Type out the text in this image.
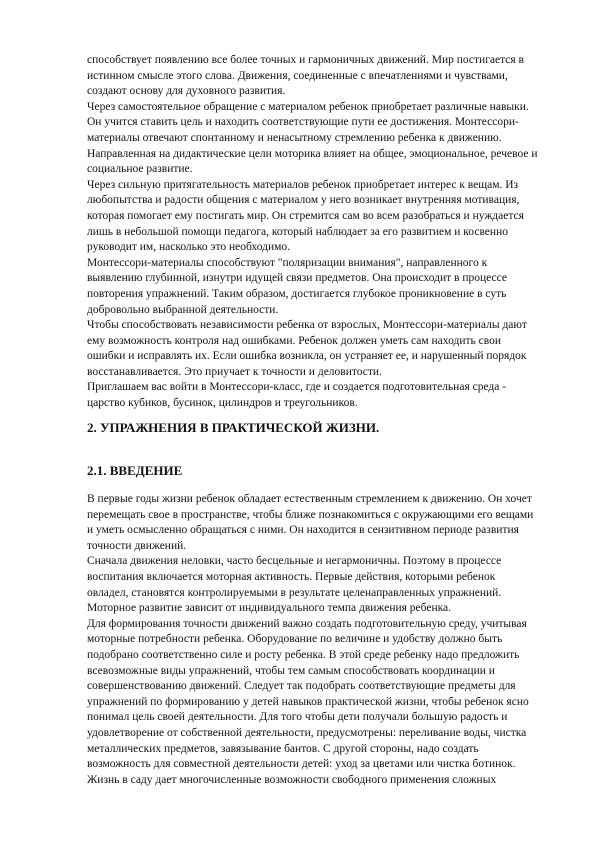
способствует появлению все более точных и гармоничных движений. Мир постигается в
истинном смысле этого слова. Движения, соединенные с впечатлениями и чувствами,
создают основу для духовного развития.
Через самостоятельное обращение с материалом ребенок приобретает различные навыки.
Он учится ставить цель и находить соответствующие пути ее достижения. Монтессори-
материалы отвечают спонтанному и ненасытному стремлению ребенка к движению.
Направленная на дидактические цели моторика влияет на общее, эмоциональное, речевое и
социальное развитие.
Через сильную притягательность материалов ребенок приобретает интерес к вещам. Из
любопытства и радости общения с материалом у него возникает внутренняя мотивация,
которая помогает ему постигать мир. Он стремится сам во всем разобраться и нуждается
лишь в небольшой помощи педагога, который наблюдает за его развитием и косвенно
руководит им, насколько это необходимо.
Монтессори-материалы способствуют "поляризации внимания", направленного к
выявлению глубинной, изнутри идущей связи предметов. Она происходит в процессе
повторения упражнений. Таким образом, достигается глубокое проникновение в суть
добровольно выбранной деятельности.
Чтобы способствовать независимости ребенка от взрослых, Монтессори-материалы дают
ему возможность контроля над ошибками. Ребенок должен уметь сам находить свои
ошибки и исправлять их. Если ошибка возникла, он устраняет ее, и нарушенный порядок
восстанавливается. Это приучает к точности и деловитости.
Приглашаем вас войти в Монтессори-класс, где и создается подготовительная среда -
царство кубиков, бусинок, цилиндров и треугольников.
2. УПРАЖНЕНИЯ В ПРАКТИЧЕСКОЙ ЖИЗНИ.
2.1. ВВЕДЕНИЕ
В первые годы жизни ребенок обладает естественным стремлением к движению. Он хочет
перемещать свое в пространстве, чтобы ближе познакомиться с окружающими его вещами
и уметь осмысленно обращаться с ними. Он находится в сензитивном периоде развития
точности движений.
Сначала движения неловки, часто бесцельные и негармоничны. Поэтому в процессе
воспитания включается моторная активность. Первые действия, которыми ребенок
овладел, становятся контролируемыми в результате целенаправленных упражнений.
Моторное развитие зависит от индивидуального темпа движения ребенка.
Для формирования точности движений важно создать подготовительную среду, учитывая
моторные потребности ребенка. Оборудование по величине и удобству должно быть
подобрано соответственно силе и росту ребенка. В этой среде ребенку надо предложить
всевозможные виды упражнений, чтобы тем самым способствовать координации и
совершенствованию движений. Следует так подобрать соответствующие предметы для
упражнений по формированию у детей навыков практической жизни, чтобы ребенок ясно
понимал цель своей деятельности. Для того чтобы дети получали большую радость и
удовлетворение от собственной деятельности, предусмотрены: переливание воды, чистка
металлических предметов, завязывание бантов. С другой стороны, надо создать
возможность для совместной деятельности детей: уход за цветами или чистка ботинок.
Жизнь в саду дает многочисленные возможности свободного применения сложных
